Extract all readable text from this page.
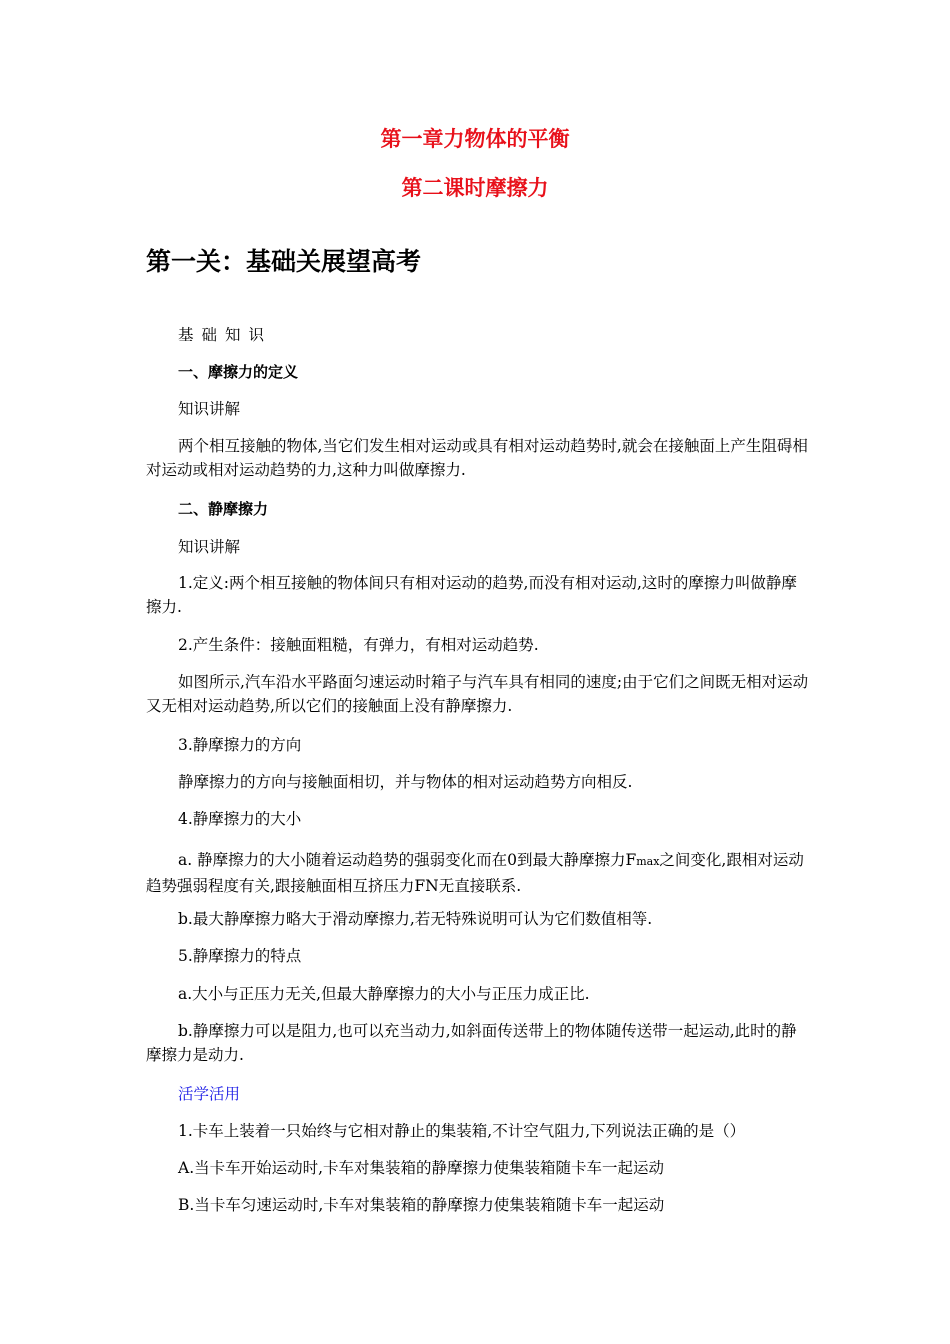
第一章力物体的平衡
第二课时摩擦力
第一关：基础关展望高考
基础知识
一、摩擦力的定义
知识讲解
两个相互接触的物体,当它们发生相对运动或具有相对运动趋势时,就会在接触面上产生阻碍相对运动或相对运动趋势的力,这种力叫做摩擦力.
二、静摩擦力
知识讲解
1.定义:两个相互接触的物体间只有相对运动的趋势,而没有相对运动,这时的摩擦力叫做静摩擦力.
2.产生条件：接触面粗糙，有弹力，有相对运动趋势.
如图所示,汽车沿水平路面匀速运动时箱子与汽车具有相同的速度;由于它们之间既无相对运动又无相对运动趋势,所以它们的接触面上没有静摩擦力.
3.静摩擦力的方向
静摩擦力的方向与接触面相切，并与物体的相对运动趋势方向相反.
4.静摩擦力的大小
a. 静摩擦力的大小随着运动趋势的强弱变化而在0到最大静摩擦力Fmax之间变化,跟相对运动趋势强弱程度有关,跟接触面相互挤压力FN无直接联系.
b.最大静摩擦力略大于滑动摩擦力,若无特殊说明可认为它们数值相等.
5.静摩擦力的特点
a.大小与正压力无关,但最大静摩擦力的大小与正压力成正比.
b.静摩擦力可以是阻力,也可以充当动力,如斜面传送带上的物体随传送带一起运动,此时的静摩擦力是动力.
活学活用
1.卡车上装着一只始终与它相对静止的集装箱,不计空气阻力,下列说法正确的是（）
A.当卡车开始运动时,卡车对集装箱的静摩擦力使集装箱随卡车一起运动
B.当卡车匀速运动时,卡车对集装箱的静摩擦力使集装箱随卡车一起运动
